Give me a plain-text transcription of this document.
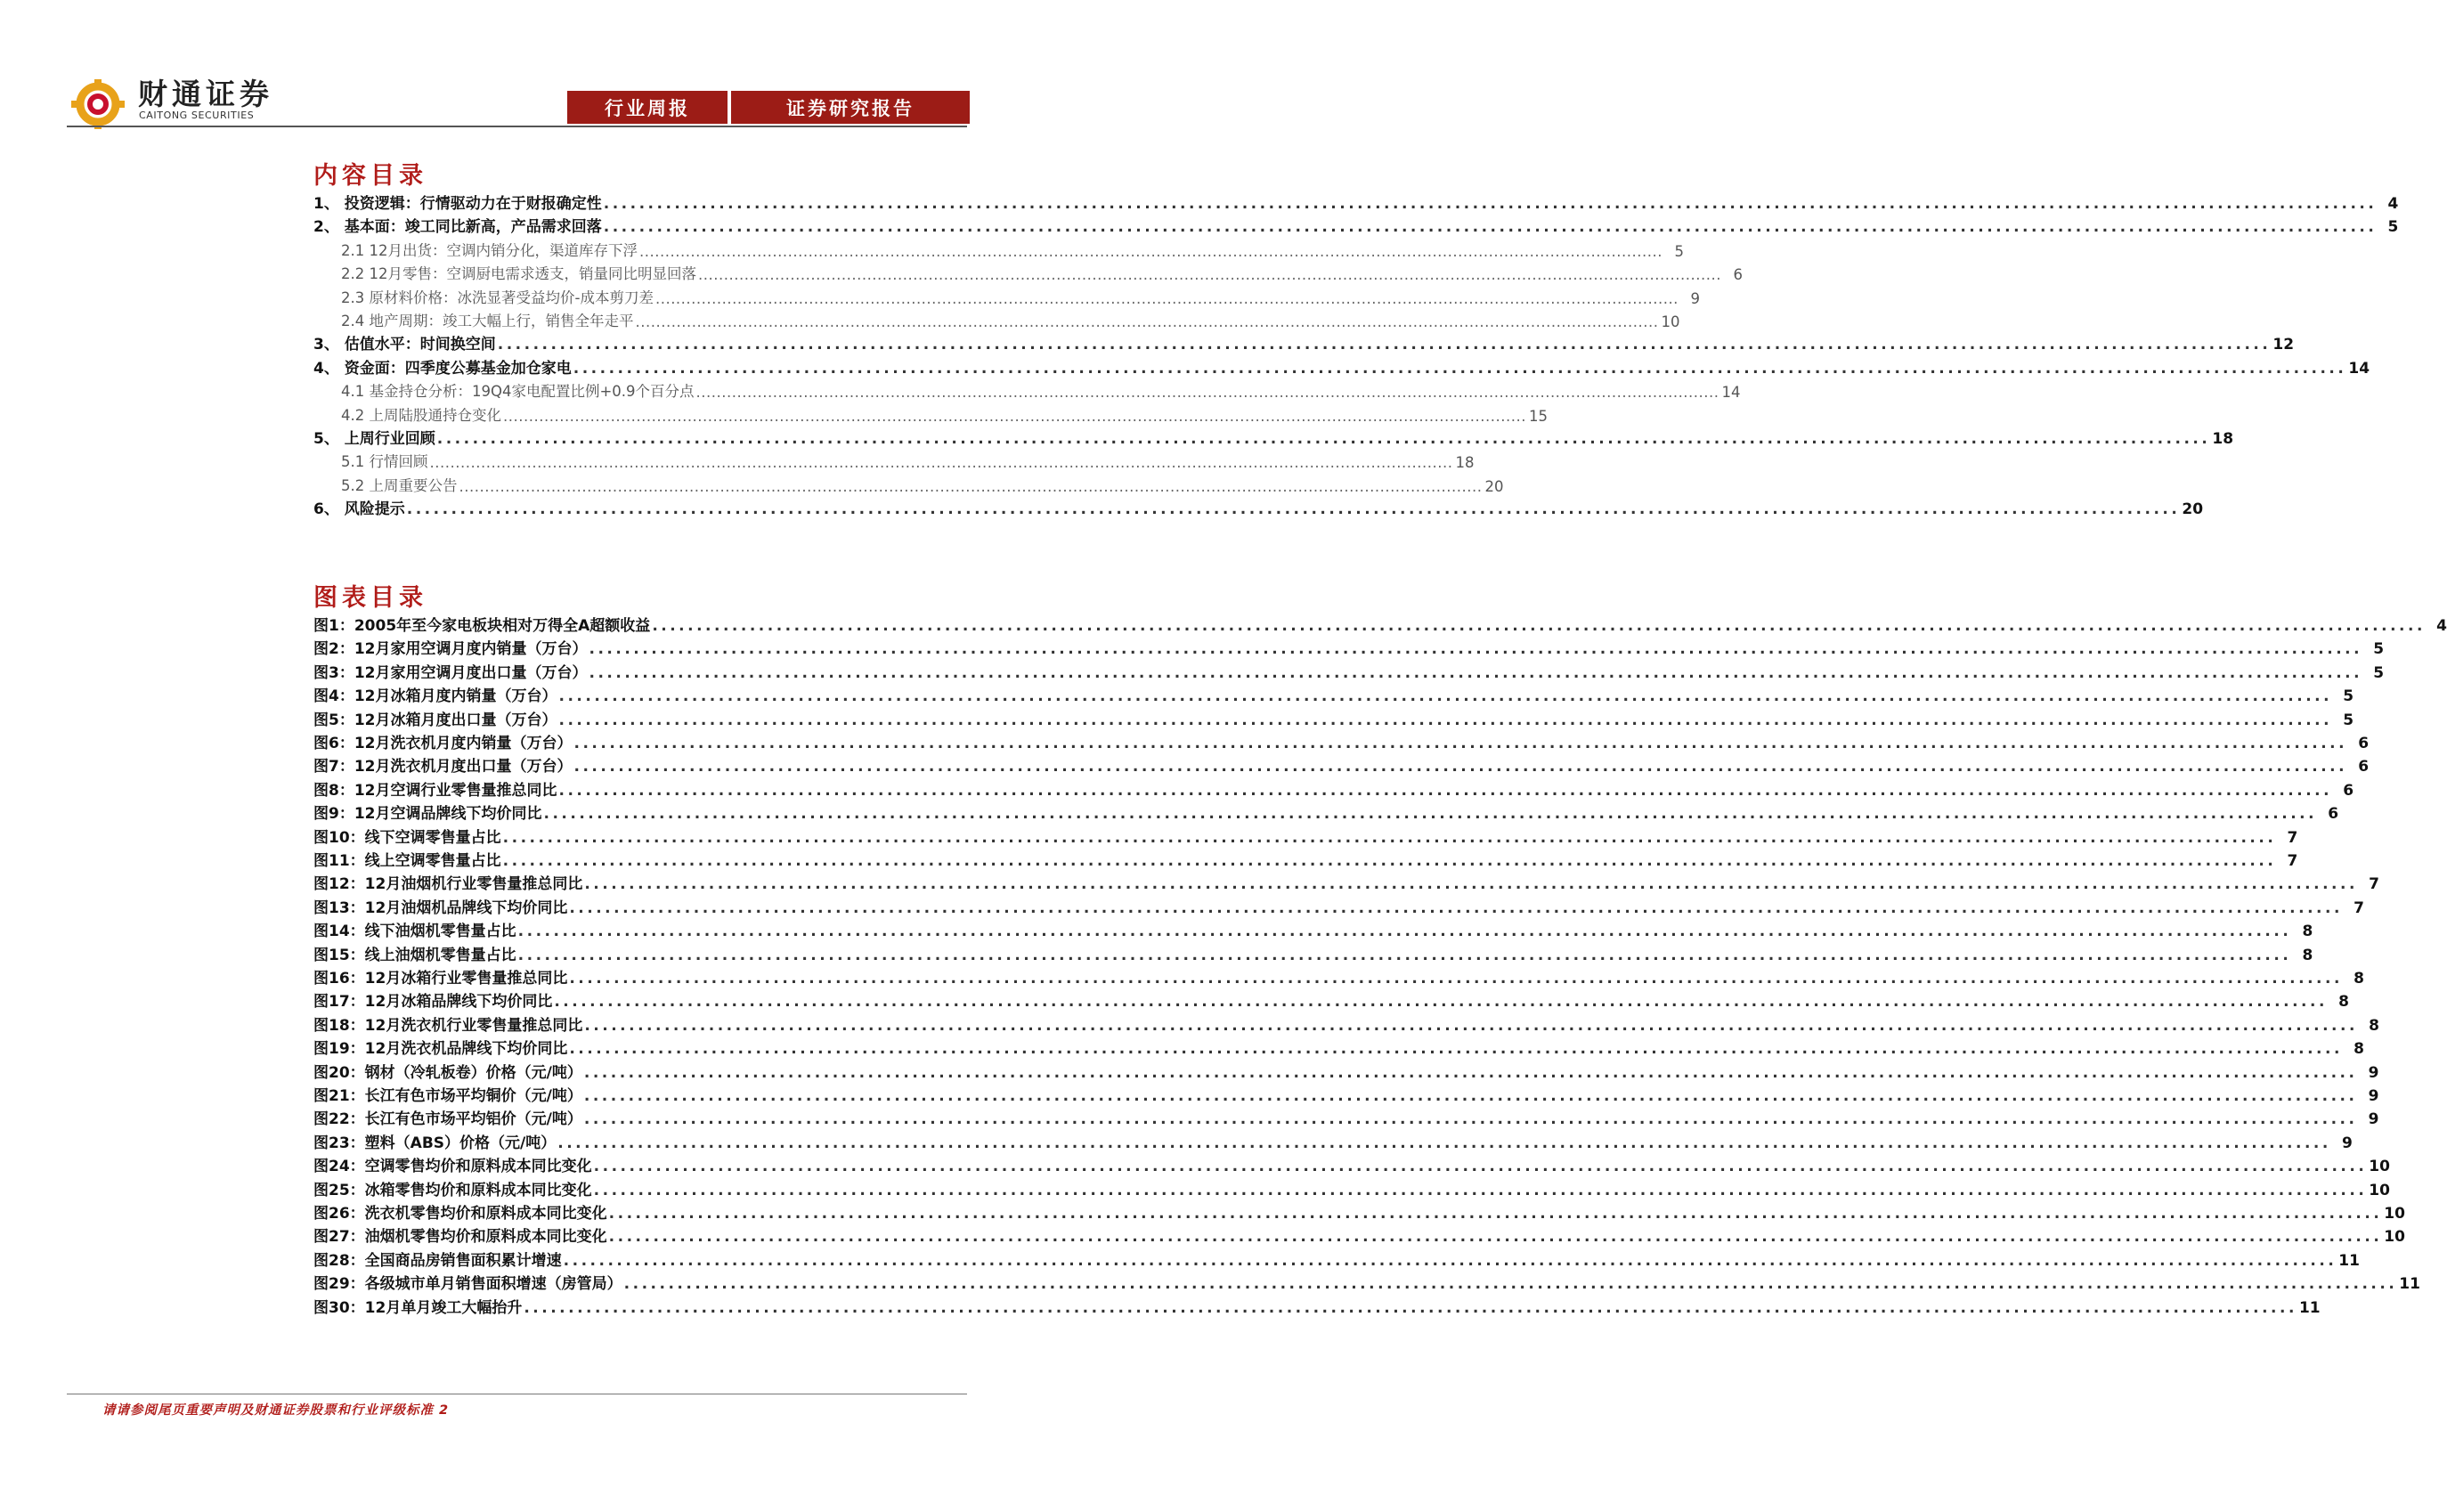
财通证券
CAITONG SECURITIES	行业周报	证券研究报告
内容目录
1、 投资逻辑：行情驱动力在于财报确定性 ........................................................................................................................................................................................................ 4
2、 基本面：竣工同比新高，产品需求回落 ........................................................................................................................................................................................................ 5
2.1 12月出货：空调内销分化，渠道库存下浮 ........................................................................................................................................................................................................ 5
2.2 12月零售：空调厨电需求透支，销量同比明显回落 ........................................................................................................................................................................................................ 6
2.3 原材料价格：冰洗显著受益均价-成本剪刀差 ........................................................................................................................................................................................................ 9
2.4 地产周期：竣工大幅上行，销售全年走平 ........................................................................................................................................................................................................ 10
3、 估值水平：时间换空间 ........................................................................................................................................................................................................ 12
4、 资金面：四季度公募基金加仓家电 ........................................................................................................................................................................................................ 14
4.1 基金持仓分析：19Q4家电配置比例+0.9个百分点 ........................................................................................................................................................................................................ 14
4.2 上周陆股通持仓变化 ........................................................................................................................................................................................................ 15
5、 上周行业回顾 ........................................................................................................................................................................................................ 18
5.1 行情回顾 ........................................................................................................................................................................................................ 18
5.2 上周重要公告 ........................................................................................................................................................................................................ 20
6、 风险提示 ........................................................................................................................................................................................................ 20
图表目录
图1：2005年至今家电板块相对万得全A超额收益 ........................................................................................................................................................................................................ 4
图2：12月家用空调月度内销量（万台） ........................................................................................................................................................................................................ 5
图3：12月家用空调月度出口量（万台） ........................................................................................................................................................................................................ 5
图4：12月冰箱月度内销量（万台） ........................................................................................................................................................................................................ 5
图5：12月冰箱月度出口量（万台） ........................................................................................................................................................................................................ 5
图6：12月洗衣机月度内销量（万台） ........................................................................................................................................................................................................ 6
图7：12月洗衣机月度出口量（万台） ........................................................................................................................................................................................................ 6
图8：12月空调行业零售量推总同比 ........................................................................................................................................................................................................ 6
图9：12月空调品牌线下均价同比 ........................................................................................................................................................................................................ 6
图10：线下空调零售量占比 ........................................................................................................................................................................................................ 7
图11：线上空调零售量占比 ........................................................................................................................................................................................................ 7
图12：12月油烟机行业零售量推总同比 ........................................................................................................................................................................................................ 7
图13：12月油烟机品牌线下均价同比 ........................................................................................................................................................................................................ 7
图14：线下油烟机零售量占比 ........................................................................................................................................................................................................ 8
图15：线上油烟机零售量占比 ........................................................................................................................................................................................................ 8
图16：12月冰箱行业零售量推总同比 ........................................................................................................................................................................................................ 8
图17：12月冰箱品牌线下均价同比 ........................................................................................................................................................................................................ 8
图18：12月洗衣机行业零售量推总同比 ........................................................................................................................................................................................................ 8
图19：12月洗衣机品牌线下均价同比 ........................................................................................................................................................................................................ 8
图20：钢材（冷轧板卷）价格（元/吨） ........................................................................................................................................................................................................ 9
图21：长江有色市场平均铜价（元/吨） ........................................................................................................................................................................................................ 9
图22：长江有色市场平均铝价（元/吨） ........................................................................................................................................................................................................ 9
图23：塑料（ABS）价格（元/吨） ........................................................................................................................................................................................................ 9
图24：空调零售均价和原料成本同比变化 ........................................................................................................................................................................................................ 10
图25：冰箱零售均价和原料成本同比变化 ........................................................................................................................................................................................................ 10
图26：洗衣机零售均价和原料成本同比变化 ........................................................................................................................................................................................................ 10
图27：油烟机零售均价和原料成本同比变化 ........................................................................................................................................................................................................ 10
图28：全国商品房销售面积累计增速 ........................................................................................................................................................................................................ 11
图29：各级城市单月销售面积增速（房管局） ........................................................................................................................................................................................................ 11
图30：12月单月竣工大幅抬升 ........................................................................................................................................................................................................ 11
请请参阅尾页重要声明及财通证券股票和行业评级标准 2
